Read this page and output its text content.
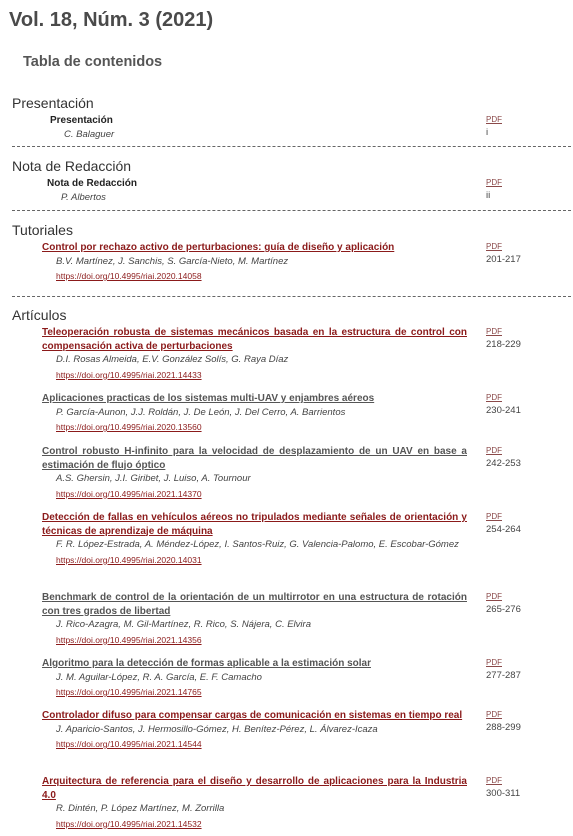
Vol. 18, Núm. 3 (2021)
Tabla de contenidos
Presentación
Presentación
C. Balaguer
PDF
i
Nota de Redacción
Nota de Redacción
P. Albertos
PDF
ii
Tutoriales
Control por rechazo activo de perturbaciones: guía de diseño y aplicación
B.V. Martínez, J. Sanchis, S. García-Nieto, M. Martínez
https://doi.org/10.4995/riai.2020.14058
PDF
201-217
Artículos
Teleoperación robusta de sistemas mecánicos basada en la estructura de control con compensación activa de perturbaciones
D.I. Rosas Almeida, E.V. González Solís, G. Raya Díaz
https://doi.org/10.4995/riai.2021.14433
PDF
218-229
Aplicaciones practicas de los sistemas multi-UAV y enjambres aéreos
P. García-Aunon, J.J. Roldán, J. De León, J. Del Cerro, A. Barrientos
https://doi.org/10.4995/riai.2020.13560
PDF
230-241
Control robusto H-infinito para la velocidad de desplazamiento de un UAV en base a estimación de flujo óptico
A.S. Ghersin, J.I. Giribet, J. Luiso, A. Tournour
https://doi.org/10.4995/riai.2021.14370
PDF
242-253
Detección de fallas en vehículos aéreos no tripulados mediante señales de orientación y técnicas de aprendizaje de máquina
F. R. López-Estrada, A. Méndez-López, I. Santos-Ruiz, G. Valencia-Palomo, E. Escobar-Gómez
https://doi.org/10.4995/riai.2020.14031
PDF
254-264
Benchmark de control de la orientación de un multirrotor en una estructura de rotación con tres grados de libertad
J. Rico-Azagra, M. Gil-Martínez, R. Rico, S. Nájera, C. Elvira
https://doi.org/10.4995/riai.2021.14356
PDF
265-276
Algoritmo para la detección de formas aplicable a la estimación solar
J. M. Aguilar-López, R. A. García, E. F. Camacho
https://doi.org/10.4995/riai.2021.14765
PDF
277-287
Controlador difuso para compensar cargas de comunicación en sistemas en tiempo real
J. Aparicio-Santos, J. Hermosillo-Gómez, H. Benítez-Pérez, L. Álvarez-Icaza
https://doi.org/10.4995/riai.2021.14544
PDF
288-299
Arquitectura de referencia para el diseño y desarrollo de aplicaciones para la Industria 4.0
R. Dintén, P. López Martínez, M. Zorrilla
https://doi.org/10.4995/riai.2021.14532
PDF
300-311
